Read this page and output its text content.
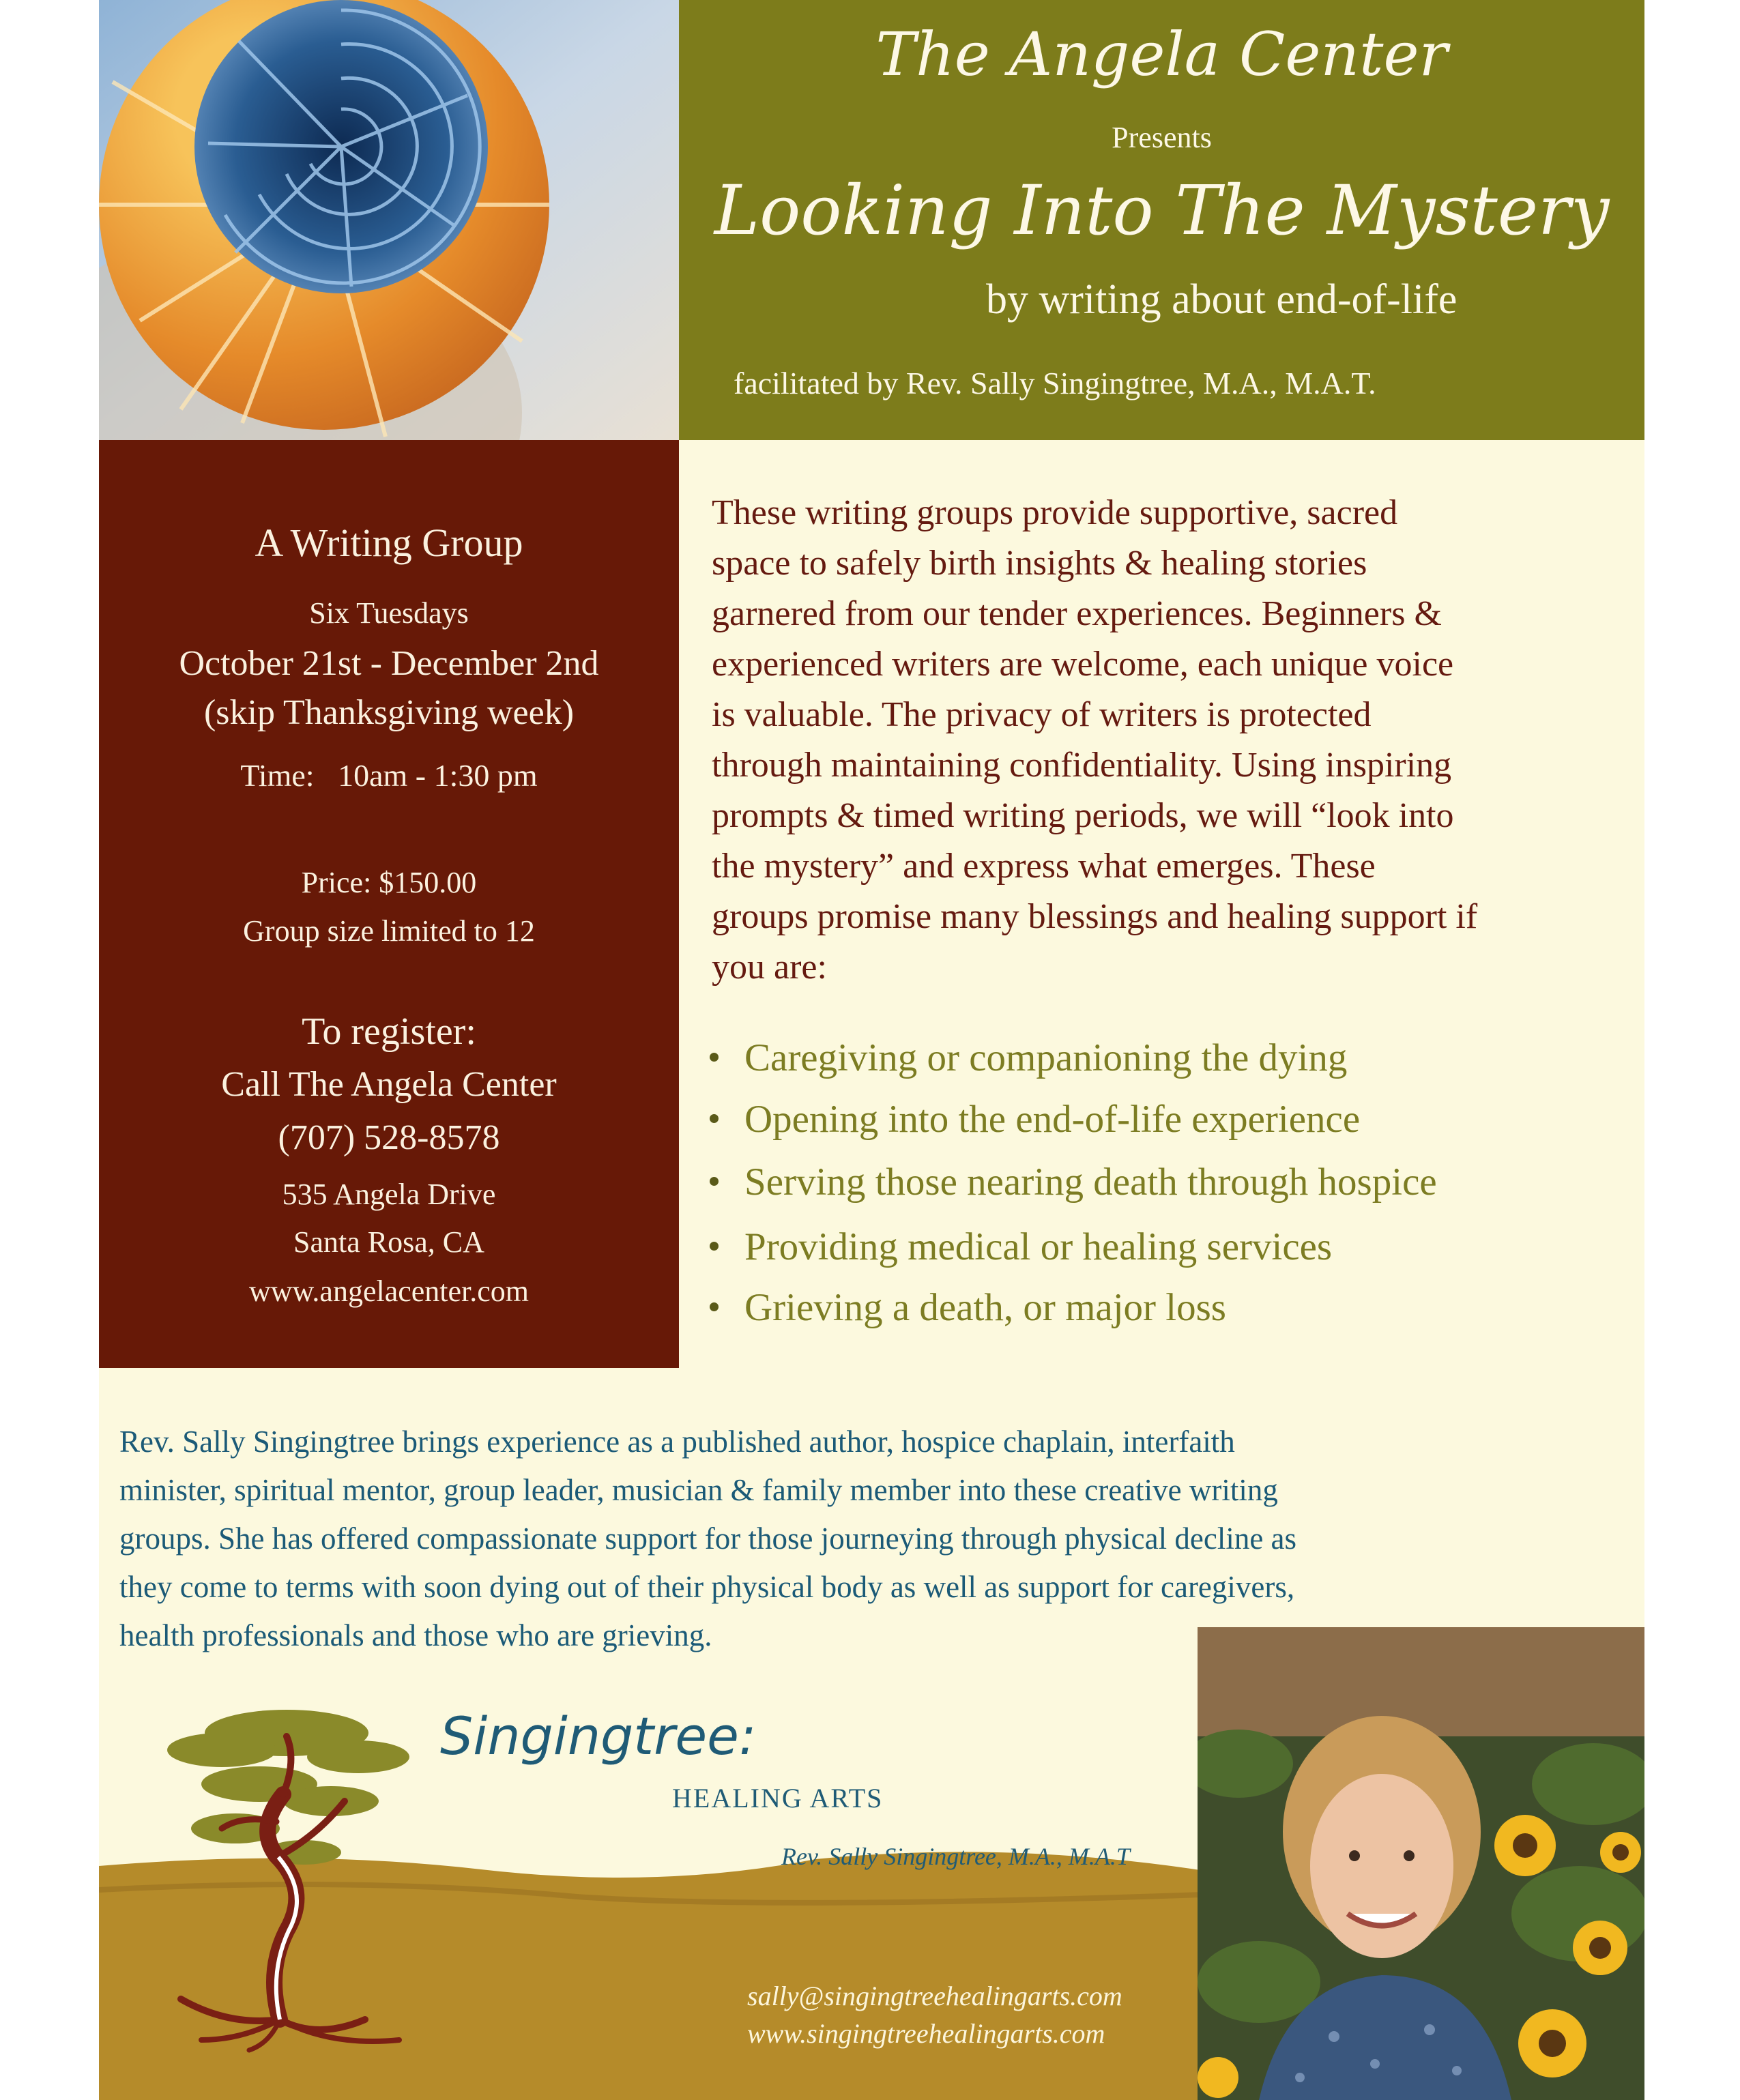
The Angela Center
Presents
Looking Into The Mystery
by writing about end-of-life
facilitated by Rev. Sally Singingtree, M.A., M.A.T.
A Writing Group
Six Tuesdays
October 21st - December 2nd
(skip Thanksgiving week)
Time: 10am - 1:30 pm
Price: $150.00
Group size limited to 12
To register:
Call The Angela Center
(707) 528-8578
535 Angela Drive
Santa Rosa, CA
www.angelacenter.com
These writing groups provide supportive, sacred
space to safely birth insights & healing stories
garnered from our tender experiences. Beginners &
experienced writers are welcome, each unique voice
is valuable. The privacy of writers is protected
through maintaining confidentiality. Using inspiring
prompts & timed writing periods, we will “look into
the mystery” and express what emerges. These
groups promise many blessings and healing support if
you are:
Caregiving or companioning the dying
Opening into the end-of-life experience
Serving those nearing death through hospice
Providing medical or healing services
Grieving a death, or major loss
Rev. Sally Singingtree brings experience as a published author, hospice chaplain, interfaith
minister, spiritual mentor, group leader, musician & family member into these creative writing
groups. She has offered compassionate support for those journeying through physical decline as
they come to terms with soon dying out of their physical body as well as support for caregivers,
health professionals and those who are grieving.
Singingtree:
HEALING ARTS
Rev. Sally Singingtree, M.A., M.A.T
sally@singingtreehealingarts.com
www.singingtreehealingarts.com
